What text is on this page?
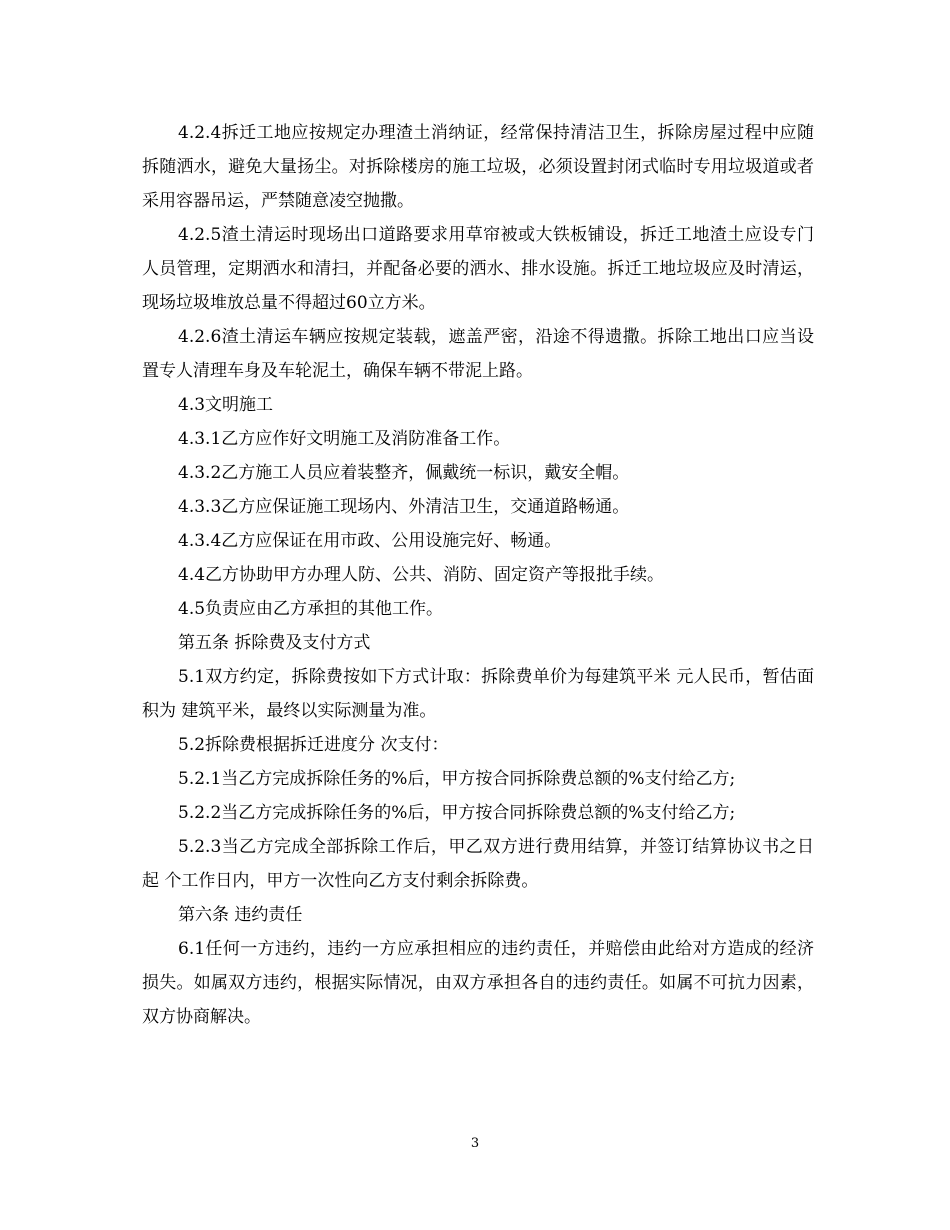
4.2.4拆迁工地应按规定办理渣土消纳证，经常保持清洁卫生，拆除房屋过程中应随拆随洒水，避免大量扬尘。对拆除楼房的施工垃圾，必须设置封闭式临时专用垃圾道或者采用容器吊运，严禁随意凌空抛撒。

4.2.5渣土清运时现场出口道路要求用草帘被或大铁板铺设，拆迁工地渣土应设专门人员管理，定期洒水和清扫，并配备必要的洒水、排水设施。拆迁工地垃圾应及时清运，现场垃圾堆放总量不得超过60立方米。

4.2.6渣土清运车辆应按规定装载，遮盖严密，沿途不得遗撒。拆除工地出口应当设置专人清理车身及车轮泥土，确保车辆不带泥上路。

4.3文明施工

4.3.1乙方应作好文明施工及消防准备工作。

4.3.2乙方施工人员应着装整齐，佩戴统一标识，戴安全帽。

4.3.3乙方应保证施工现场内、外清洁卫生，交通道路畅通。

4.3.4乙方应保证在用市政、公用设施完好、畅通。

4.4乙方协助甲方办理人防、公共、消防、固定资产等报批手续。

4.5负责应由乙方承担的其他工作。

第五条 拆除费及支付方式

5.1双方约定，拆除费按如下方式计取：拆除费单价为每建筑平米 元人民币，暂估面积为 建筑平米，最终以实际测量为准。

5.2拆除费根据拆迁进度分 次支付：

5.2.1当乙方完成拆除任务的%后，甲方按合同拆除费总额的%支付给乙方;

5.2.2当乙方完成拆除任务的%后，甲方按合同拆除费总额的%支付给乙方;

5.2.3当乙方完成全部拆除工作后，甲乙双方进行费用结算，并签订结算协议书之日起 个工作日内，甲方一次性向乙方支付剩余拆除费。

第六条 违约责任

6.1任何一方违约，违约一方应承担相应的违约责任，并赔偿由此给对方造成的经济损失。如属双方违约，根据实际情况，由双方承担各自的违约责任。如属不可抗力因素，双方协商解决。

3
